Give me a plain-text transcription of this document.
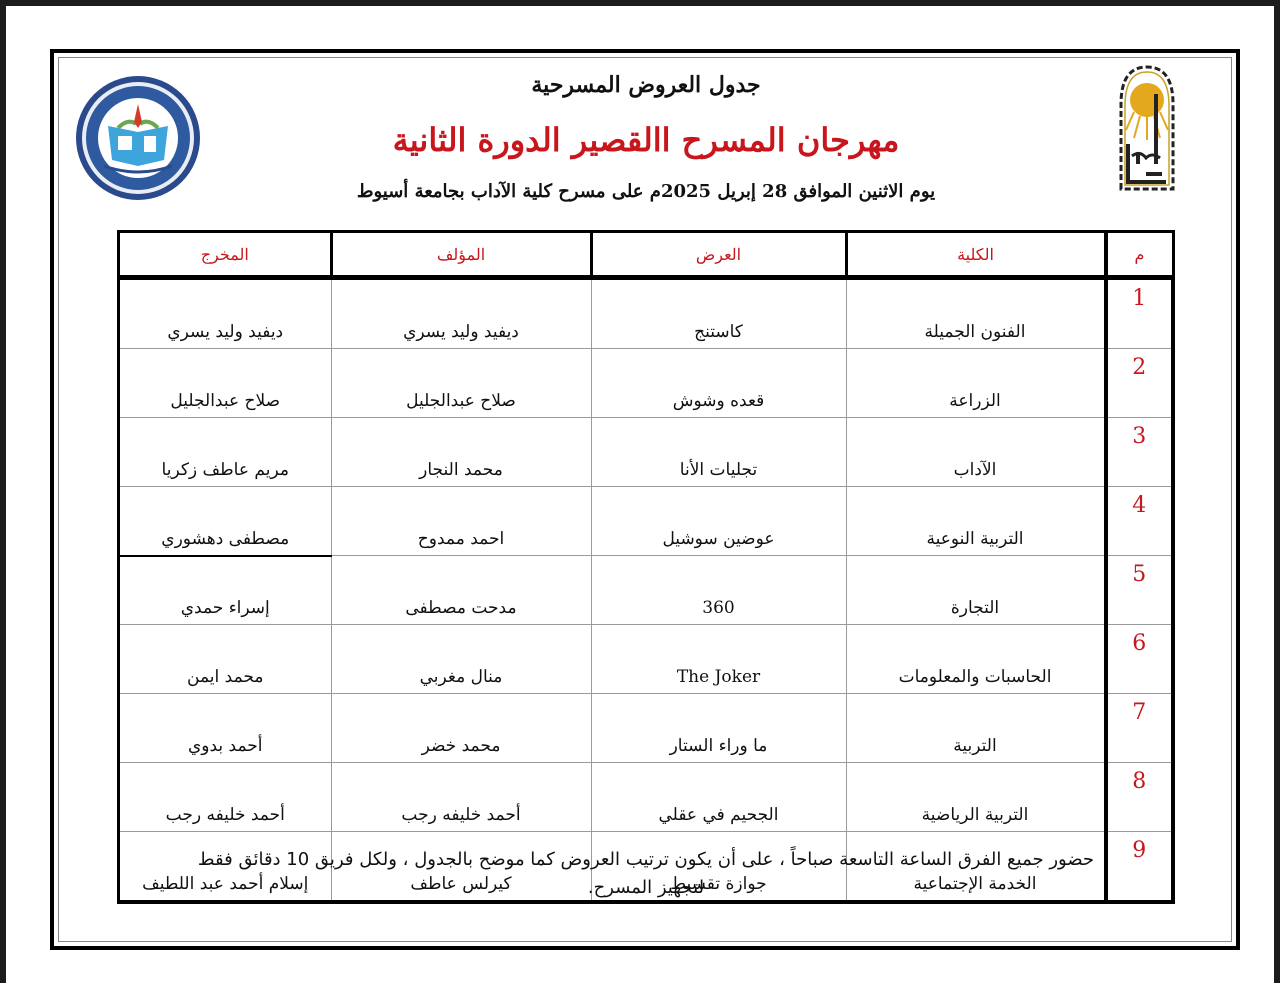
جدول العروض المسرحية
مهرجان المسرح االقصير الدورة الثانية
يوم الاثنين الموافق 28 إبريل 2025م على مسرح كلية الآداب بجامعة أسيوط
م	الكلية	العرض	المؤلف	المخرج
1	الفنون الجميلة	كاستنج	ديفيد وليد يسري	ديفيد وليد يسري
2	الزراعة	قعده وشوش	صلاح عبدالجليل	صلاح عبدالجليل
3	الآداب	تجليات الأنا	محمد النجار	مريم عاطف زكريا
4	التربية النوعية	عوضين سوشيل	احمد ممدوح	مصطفى دهشوري
5	التجارة	360	مدحت مصطفى	إسراء حمدي
6	الحاسبات والمعلومات	The Joker	منال مغربي	محمد ايمن
7	التربية	ما وراء الستار	محمد خضر	أحمد بدوي
8	التربية الرياضية	الجحيم في عقلي	أحمد خليفه رجب	أحمد خليفه رجب
9	الخدمة الإجتماعية	جوازة تقسيط	كيرلس عاطف	إسلام أحمد عبد اللطيف
حضور جميع الفرق الساعة التاسعة صباحاً ، على أن يكون ترتيب العروض كما موضح بالجدول ، ولكل فريق 10 دقائق فقط
لتجهيز المسرح.
